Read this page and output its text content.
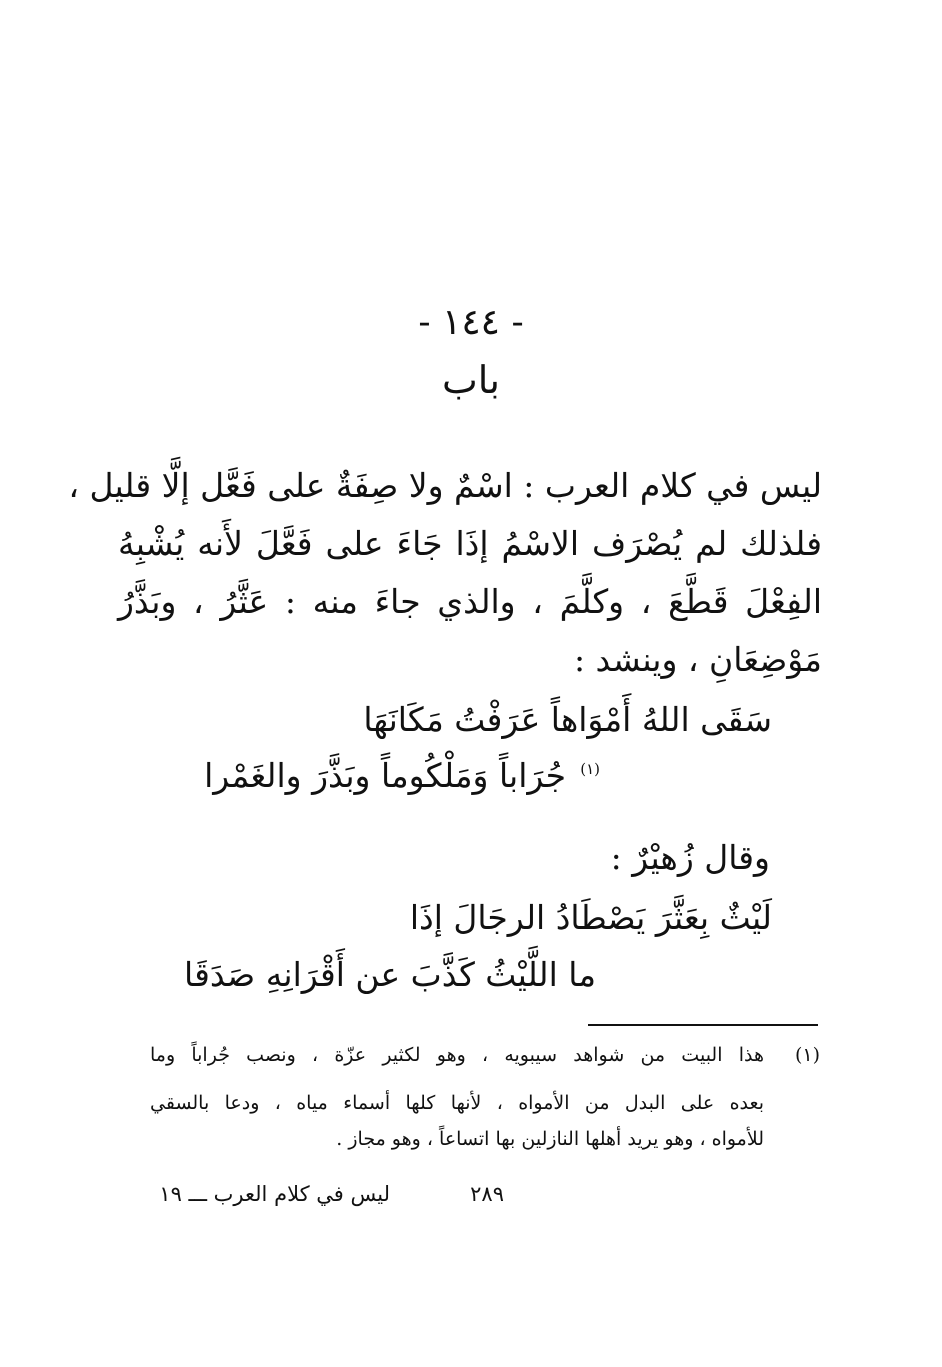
- ١٤٤ -
باب
ليس في كلام العرب : اسْمٌ ولا صِفَةٌ على فَعَّل إلَّا قليل ،
فلذلك لم يُصْرَف الاسْمُ إذَا جَاءَ على فَعَّلَ لأَنه يُشْبِهُ
الفِعْلَ قَطَّعَ ، وكلَّمَ ، والذي جاءَ منه : عَثَّرُ ، وبَذَّرُ
مَوْضِعَانِ ، وينشد :
سَقَى اللهُ أَمْوَاهاً عَرَفْتُ مَكَانَهَا
جُرَاباً وَمَلْكُوماً وبَذَّرَ والغَمْرا (١)
وقال زُهيْرٌ :
لَيْثٌ بِعَثَّرَ يَصْطَادُ الرجَالَ إذَا
ما اللَّيْثُ كَذَّبَ عن أَقْرَانِهِ صَدَقَا
(١)
هذا البيت من شواهد سيبويه ، وهو لكثير عزّة ، ونصب جُراباً وما
بعده على البدل من الأمواه ، لأنها كلها أسماء مياه ، ودعا بالسقي
للأمواه ، وهو يريد أهلها النازلين بها اتساعاً ، وهو مجاز .
٢٨٩
ليس في كلام العرب ـــ ١٩
